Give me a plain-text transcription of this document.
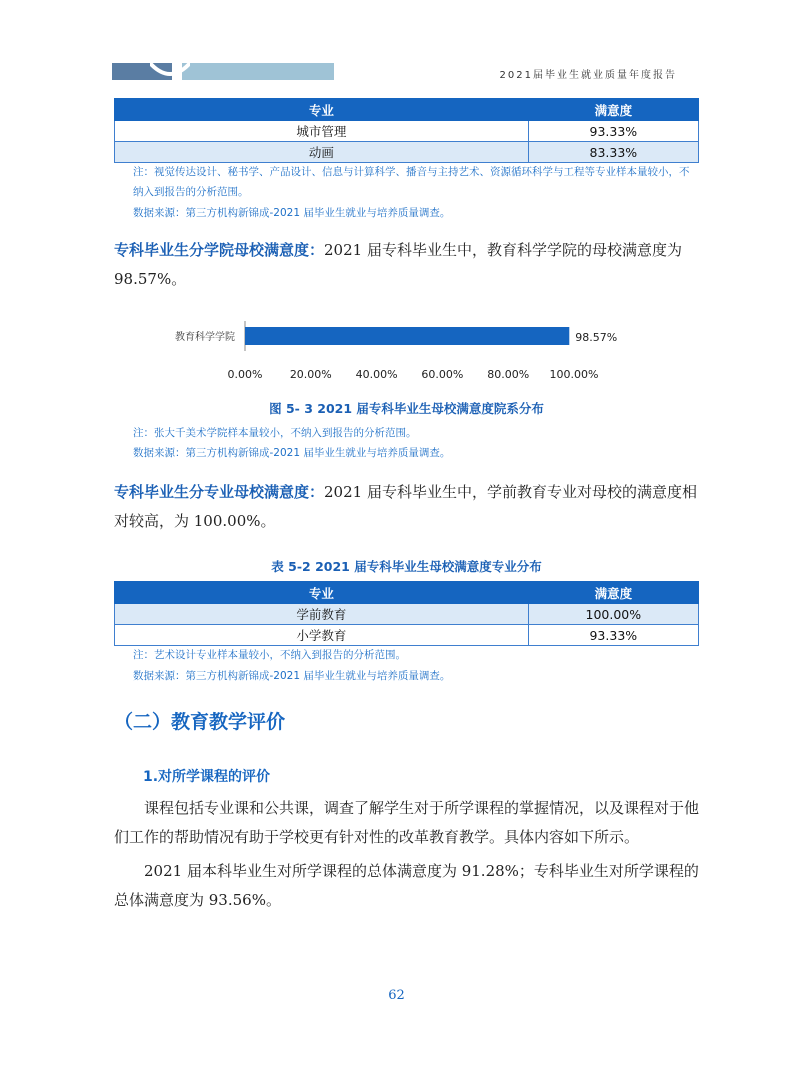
2021届毕业生就业质量年度报告
专业	满意度
城市管理	93.33%
动画	83.33%
注：视觉传达设计、秘书学、产品设计、信息与计算科学、播音与主持艺术、资源循环科学与工程等专业样本量较小，不纳入到报告的分析范围。
数据来源：第三方机构新锦成-2021 届毕业生就业与培养质量调查。
专科毕业生分学院母校满意度：2021 届专科毕业生中，教育科学学院的母校满意度为 98.57%。
教育科学学院	98.57%
0.00% 20.00% 40.00% 60.00% 80.00% 100.00%
图 5- 3 2021 届专科毕业生母校满意度院系分布
注：张大千美术学院样本量较小，不纳入到报告的分析范围。
数据来源：第三方机构新锦成-2021 届毕业生就业与培养质量调查。
专科毕业生分专业母校满意度：2021 届专科毕业生中，学前教育专业对母校的满意度相对较高，为 100.00%。
表 5-2 2021 届专科毕业生母校满意度专业分布
专业	满意度
学前教育	100.00%
小学教育	93.33%
注：艺术设计专业样本量较小，不纳入到报告的分析范围。
数据来源：第三方机构新锦成-2021 届毕业生就业与培养质量调查。
（二）教育教学评价
1.对所学课程的评价
课程包括专业课和公共课，调查了解学生对于所学课程的掌握情况，以及课程对于他们工作的帮助情况有助于学校更有针对性的改革教育教学。具体内容如下所示。
2021 届本科毕业生对所学课程的总体满意度为 91.28%；专科毕业生对所学课程的总体满意度为 93.56%。
62
